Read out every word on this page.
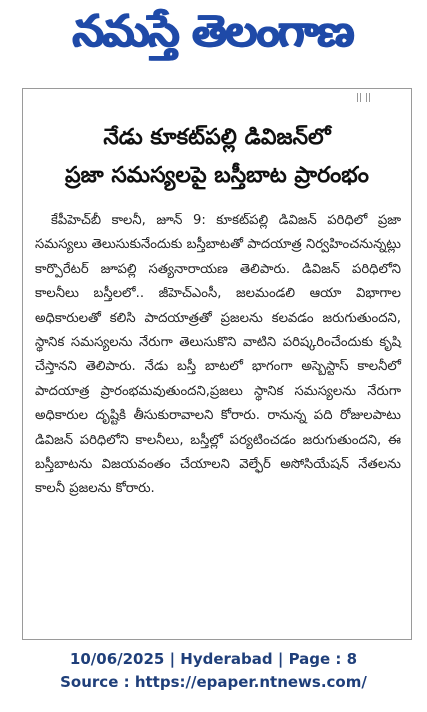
నమస్తే తెలంగాణ
|| ||
నేడు కూకట్‌పల్లి డివిజన్‌లో
ప్రజా సమస్యలపై బస్తీబాట ప్రారంభం
కేపీహెచ్‌బీ కాలనీ, జూన్ 9: కూకట్‌పల్లి డివిజన్ పరిధిలో ప్రజా సమస్యలు తెలుసుకునేందుకు బస్తీబాటతో పాదయాత్ర నిర్వహించనున్నట్లు కార్పొరేటర్ జూపల్లి సత్యనారాయణ తెలిపారు. డివిజన్ పరిధిలోని కాలనీలు బస్తీలలో.. జీహెచ్‌ఎంసీ, జలమండలి ఆయా విభాగాల అధికారులతో కలిసి పాదయాత్రతో ప్రజలను కలవడం జరుగుతుందని, స్థానిక సమస్యలను నేరుగా తెలుసుకొని వాటిని పరిష్కరించేందుకు కృషి చేస్తానని తెలిపారు. నేడు బస్తీ బాటలో భాగంగా అస్బెస్టాస్ కాలనీలో పాదయాత్ర ప్రారంభమవుతుందని,ప్రజలు స్థానిక సమస్యలను నేరుగా అధికారుల దృష్టికి తీసుకురావాలని కోరారు. రానున్న పది రోజులపాటు డివిజన్ పరిధిలోని కాలనీలు, బస్తీల్లో పర్యటించడం జరుగుతుందని, ఈ బస్తీబాటను విజయవంతం చేయాలని వెల్ఫేర్ అసోసియేషన్ నేతలను కాలనీ ప్రజలను కోరారు.
10/06/2025 | Hyderabad | Page : 8
Source : https://epaper.ntnews.com/
